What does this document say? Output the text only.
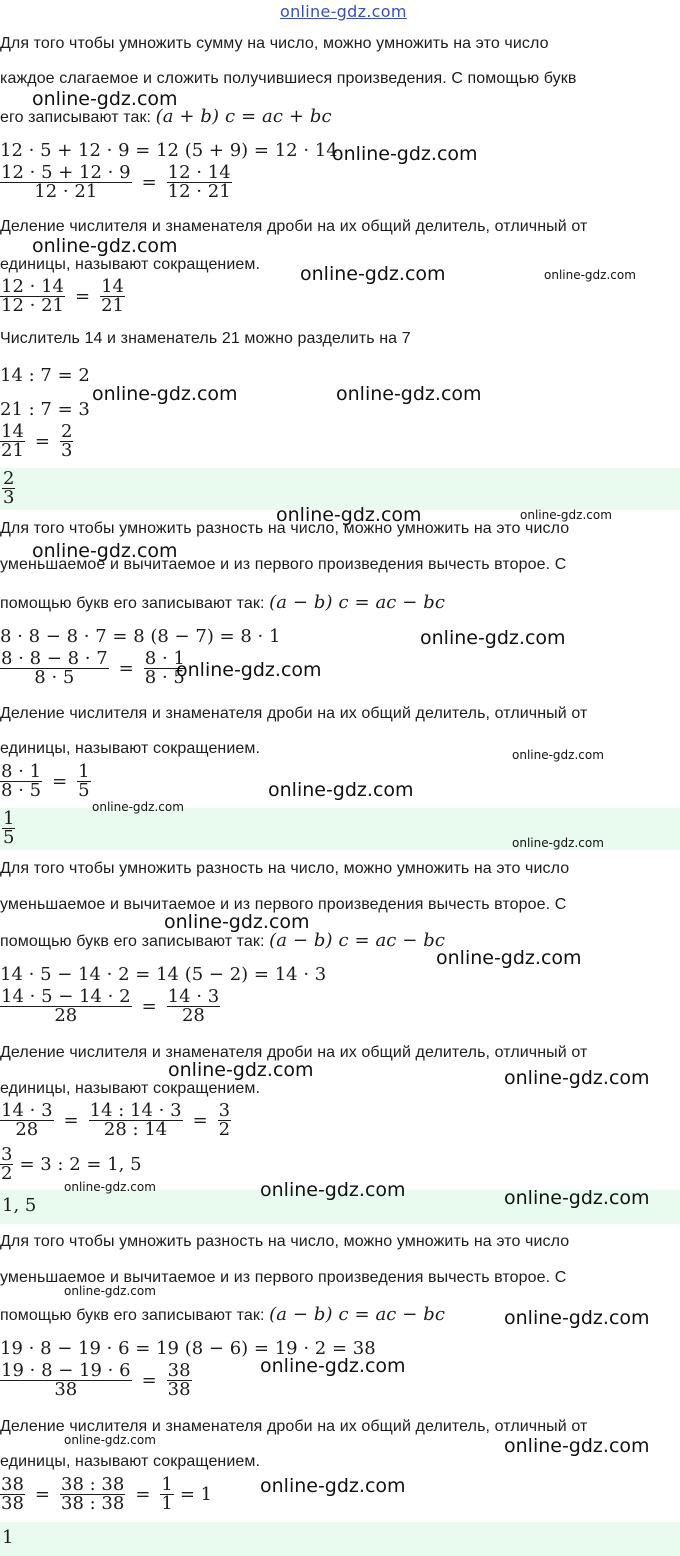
online-gdz.com
Для того чтобы умножить сумму на число, можно умножить на это число
каждое слагаемое и сложить получившиеся произведения. С помощью букв
его записывают так: (a + b) c = ac + bc
12 · 5 + 12 · 9 = 12 (5 + 9) = 12 · 14
$\frac{12 \cdot 5 + 12 \cdot 9}{12 \cdot 21} = \frac{12 \cdot 14}{12 \cdot 21}$
Деление числителя и знаменателя дроби на их общий делитель, отличный от
единицы, называют сокращением.
$\frac{12 \cdot 14}{12 \cdot 21} = \frac{14}{21}$
Числитель 14 и знаменатель 21 можно разделить на 7
14 : 7 = 2
21 : 7 = 3
$\frac{14}{21} = \frac{2}{3}$
$\frac{2}{3}$
Для того чтобы умножить разность на число, можно умножить на это число
уменьшаемое и вычитаемое и из первого произведения вычесть второе. С
помощью букв его записывают так: (a − b) c = ac − bc
8 · 8 − 8 · 7 = 8 (8 − 7) = 8 · 1
$\frac{8 \cdot 8 - 8 \cdot 7}{8 \cdot 5} = \frac{8 \cdot 1}{8 \cdot 5}$
Деление числителя и знаменателя дроби на их общий делитель, отличный от
единицы, называют сокращением.
$\frac{8 \cdot 1}{8 \cdot 5} = \frac{1}{5}$
$\frac{1}{5}$
Для того чтобы умножить разность на число, можно умножить на это число
уменьшаемое и вычитаемое и из первого произведения вычесть второе. С
помощью букв его записывают так: (a − b) c = ac − bc
14 · 5 − 14 · 2 = 14 (5 − 2) = 14 · 3
$\frac{14 \cdot 5 - 14 \cdot 2}{28} = \frac{14 \cdot 3}{28}$
Деление числителя и знаменателя дроби на их общий делитель, отличный от
единицы, называют сокращением.
$\frac{14 \cdot 3}{28} = \frac{14 : 14 \cdot 3}{28 : 14} = \frac{3}{2}$
$\frac{3}{2} = 3$ : 2 = 1, 5
1, 5
Для того чтобы умножить разность на число, можно умножить на это число
уменьшаемое и вычитаемое и из первого произведения вычесть второе. С
помощью букв его записывают так: (a − b) c = ac − bc
19 · 8 − 19 · 6 = 19 (8 − 6) = 19 · 2 = 38
$\frac{19 \cdot 8 - 19 \cdot 6}{38} = \frac{38}{38}$
Деление числителя и знаменателя дроби на их общий делитель, отличный от
единицы, называют сокращением.
$\frac{38}{38} = \frac{38 : 38}{38 : 38} = \frac{1}{1} = 1$
1
online-gdz.com
online-gdz.com
online-gdz.com
online-gdz.com	online-gdz.com
online-gdz.com	online-gdz.com
online-gdz.com	online-gdz.com
online-gdz.com
online-gdz.com
online-gdz.com
online-gdz.com
online-gdz.com
online-gdz.com
online-gdz.com
online-gdz.com
online-gdz.com
online-gdz.com	online-gdz.com
online-gdz.com	online-gdz.com	online-gdz.com
online-gdz.com
online-gdz.com
online-gdz.com
online-gdz.com	online-gdz.com
online-gdz.com
